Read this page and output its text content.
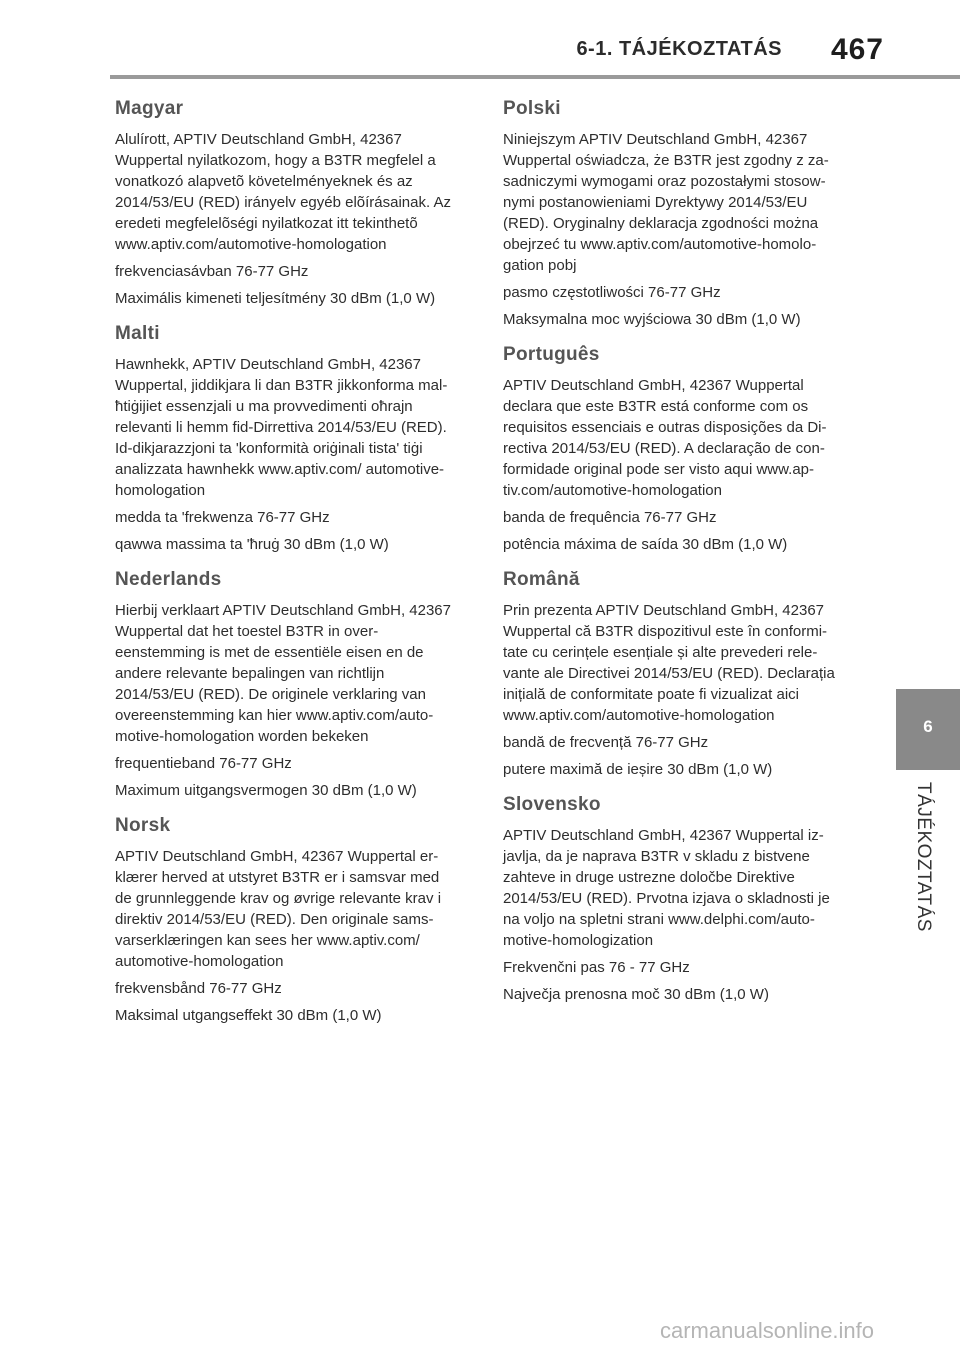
6-1. TÁJÉKOZTATÁS 467
Magyar

Alulírott, APTIV Deutschland GmbH, 42367 Wuppertal nyilatkozom, hogy a B3TR megfelel a vonatkozó alapvetõ követelményeknek és az 2014/53/EU (RED) irányelv egyéb elõírásainak. Az eredeti megfelelõségi nyilatkozat itt tekinthetõ www.aptiv.com/automotive-homologation

frekvenciasávban 76-77 GHz

Maximális kimeneti teljesítmény 30 dBm (1,0 W)

Malti

Hawnhekk, APTIV Deutschland GmbH, 42367 Wuppertal, jiddikjara li dan B3TR jikkonforma mal-ħtiġijiet essenzjali u ma provvedimenti oħrajn relevanti li hemm fid-Dirrettiva 2014/53/EU (RED). Id-dikjarazzjoni ta 'konformità oriġinali tista' tiġi analizzata hawnhekk www.aptiv.com/ automotive-homologation

medda ta 'frekwenza 76-77 GHz

qawwa massima ta 'ħruġ 30 dBm (1,0 W)

Nederlands

Hierbij verklaart APTIV Deutschland GmbH, 42367 Wuppertal dat het toestel B3TR in over- eenstemming is met de essentiële eisen en de andere relevante bepalingen van richtlijn 2014/53/EU (RED). De originele verklaring van overeenstemming kan hier www.aptiv.com/auto- motive-homologation worden bekeken

frequentieband 76-77 GHz

Maximum uitgangsvermogen 30 dBm (1,0 W)

Norsk

APTIV Deutschland GmbH, 42367 Wuppertal er- klærer herved at utstyret B3TR er i samsvar med de grunnleggende krav og øvrige relevante krav i direktiv 2014/53/EU (RED). Den originale sams- varserklæringen kan sees her www.aptiv.com/ automotive-homologation

frekvensbånd 76-77 GHz

Maksimal utgangseffekt 30 dBm (1,0 W)

Polski

Niniejszym APTIV Deutschland GmbH, 42367 Wuppertal oświadcza, że B3TR jest zgodny z za- sadniczymi wymogami oraz pozostałymi stosow- nymi postanowieniami Dyrektywy 2014/53/EU (RED). Oryginalny deklaracja zgodności można obejrzeć tu www.aptiv.com/automotive-homolo- gation pobj

pasmo częstotliwości 76-77 GHz

Maksymalna moc wyjściowa 30 dBm (1,0 W)

Português

APTIV Deutschland GmbH, 42367 Wuppertal declara que este B3TR está conforme com os requisitos essenciais e outras disposições da Di- rectiva 2014/53/EU (RED). A declaração de con- formidade original pode ser visto aqui www.ap- tiv.com/automotive-homologation

banda de frequência 76-77 GHz

potência máxima de saída 30 dBm (1,0 W)

Română

Prin prezenta APTIV Deutschland GmbH, 42367 Wuppertal că B3TR dispozitivul este în conformi- tate cu cerințele esențiale și alte prevederi rele- vante ale Directivei 2014/53/EU (RED). Declarația inițială de conformitate poate fi vizualizat aici www.aptiv.com/automotive-homologation

bandă de frecvență 76-77 GHz

putere maximă de ieșire 30 dBm (1,0 W)

Slovensko

APTIV Deutschland GmbH, 42367 Wuppertal iz- javlja, da je naprava B3TR v skladu z bistvene zahteve in druge ustrezne določbe Direktive 2014/53/EU (RED). Prvotna izjava o skladnosti je na voljo na spletni strani www.delphi.com/auto- motive-homologization

Frekvenčni pas 76 - 77 GHz

Največja prenosna moč 30 dBm (1,0 W)

6
TÁJÉKOZTATÁS
carmanualsonline.info
